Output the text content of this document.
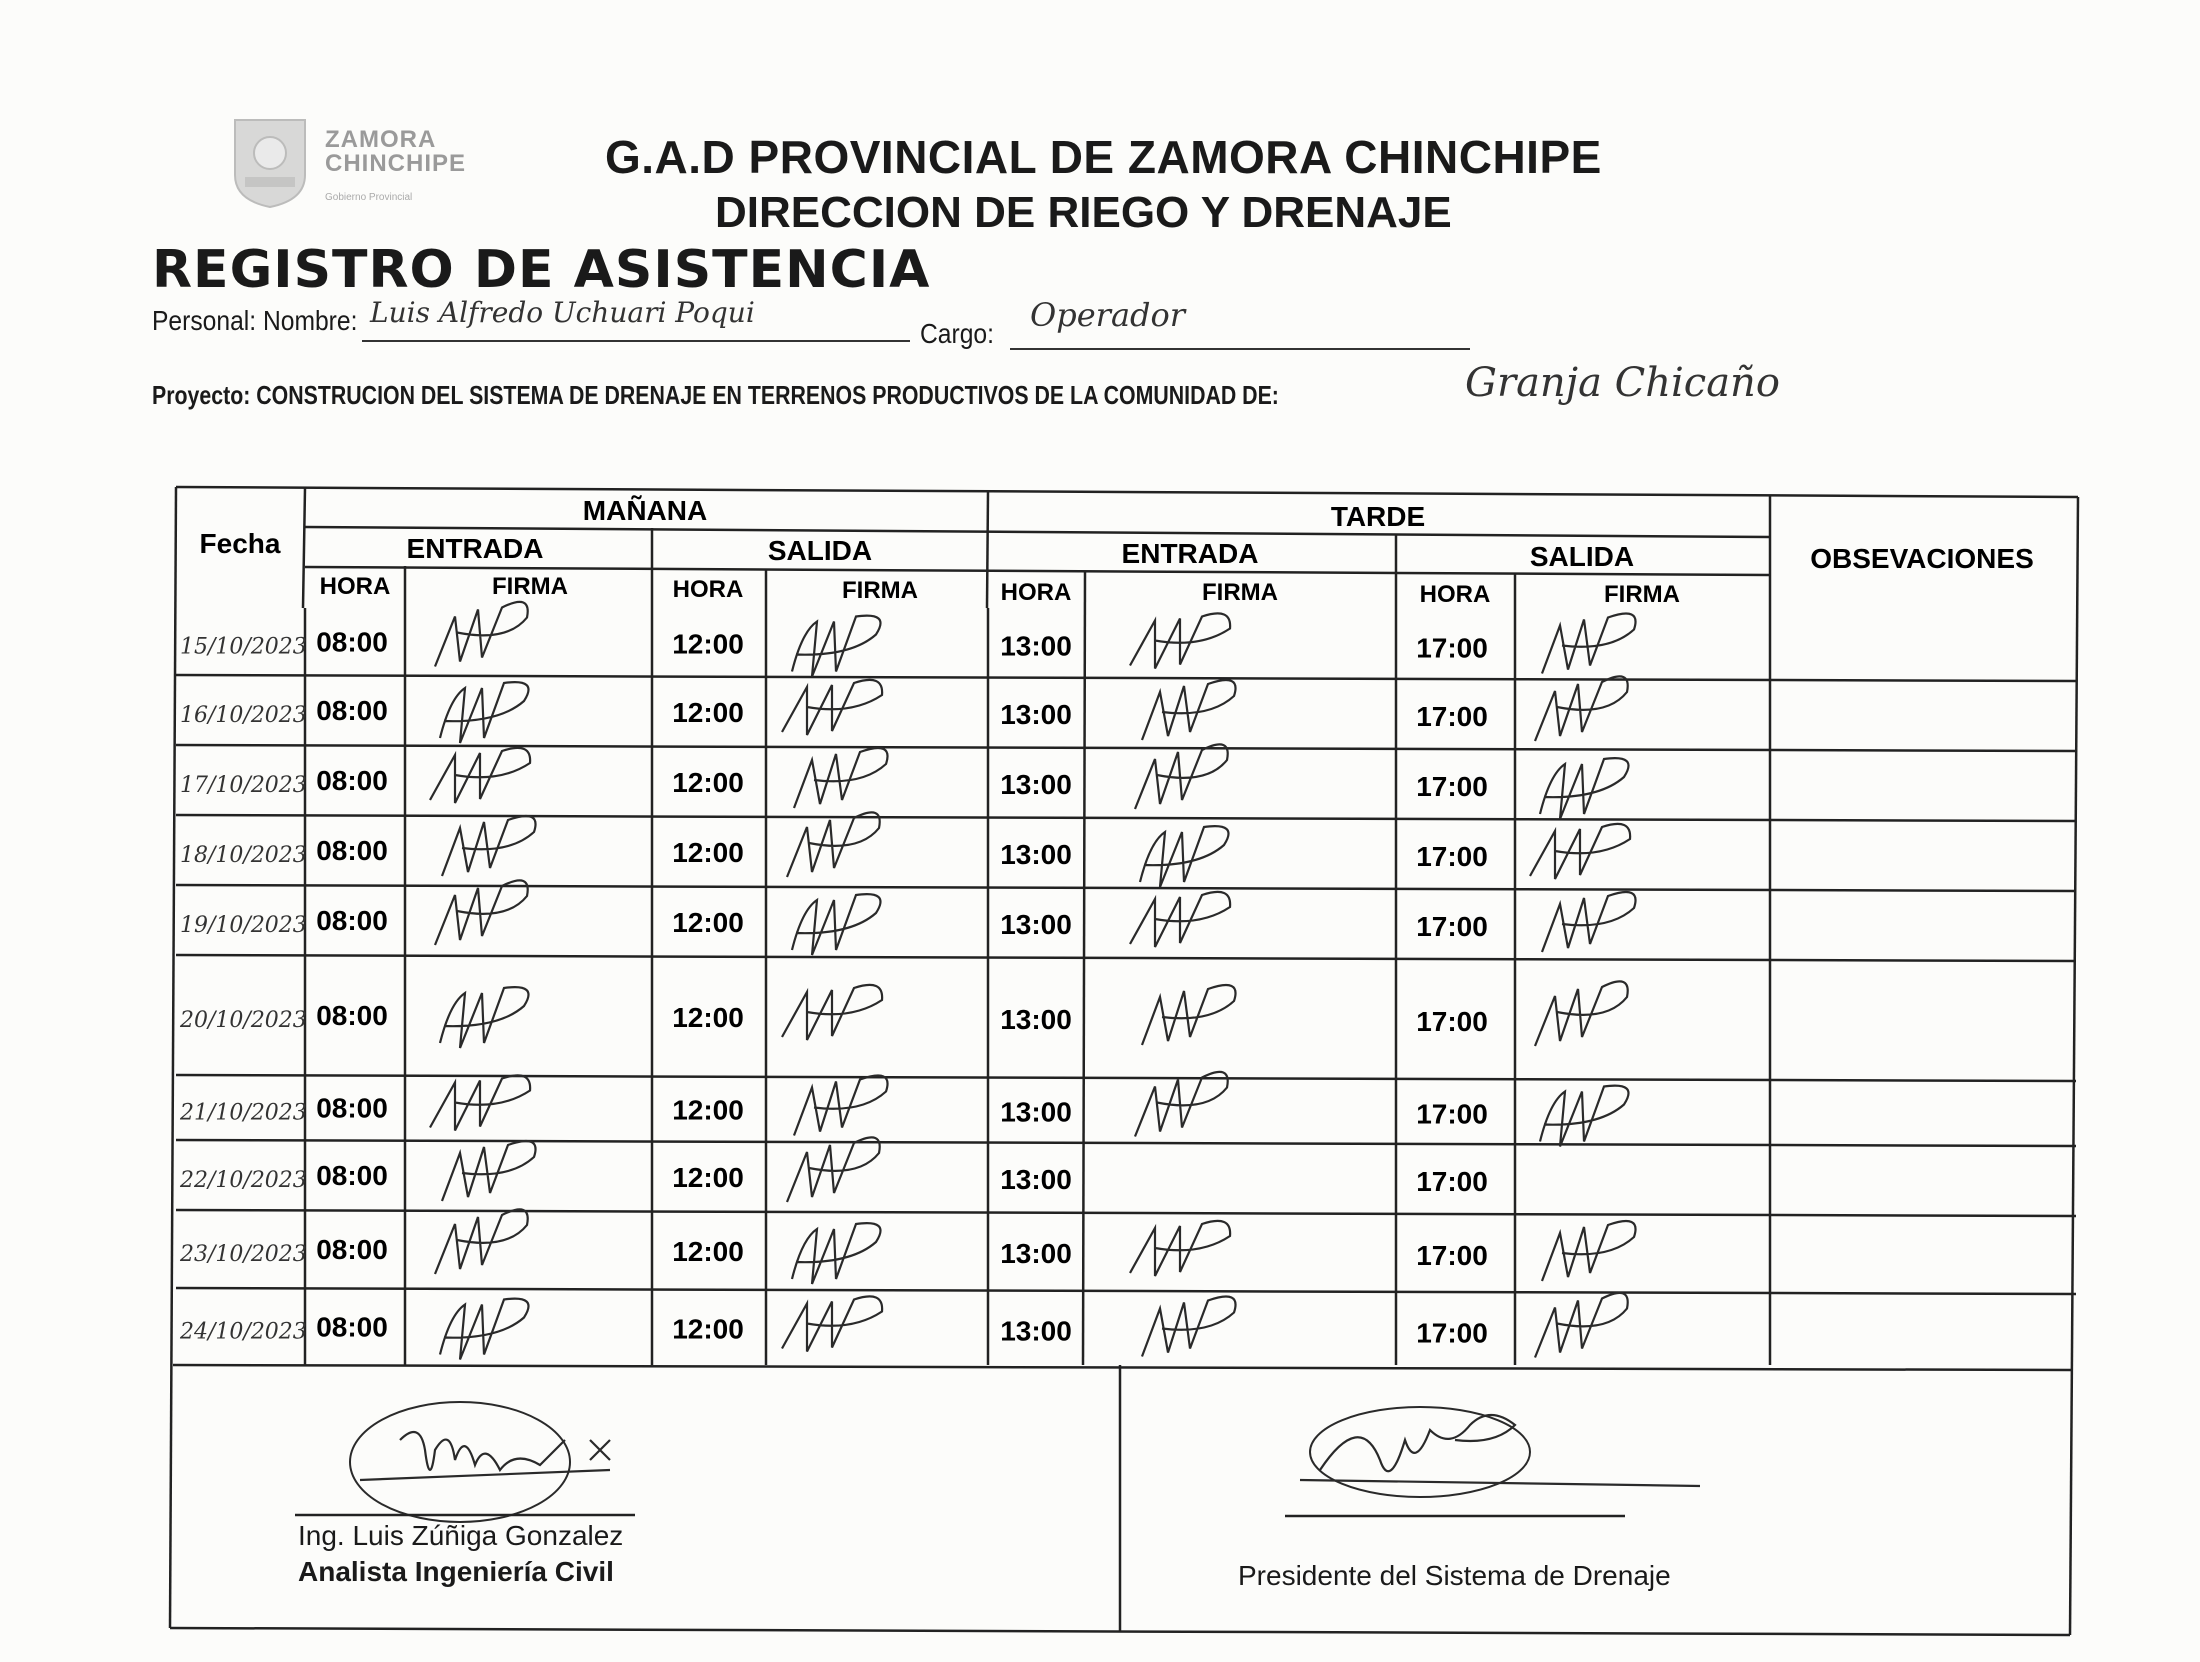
ZAMORA
CHINCHIPE
Gobierno Provincial
G.A.D PROVINCIAL DE ZAMORA CHINCHIPE
DIRECCION DE RIEGO Y DRENAJE
REGISTRO DE ASISTENCIA
Personal: Nombre: Luis Alfredo Uchuari Poqui
Cargo: Operador
Proyecto: CONSTRUCION DEL SISTEMA DE DRENAJE EN TERRENOS PRODUCTIVOS DE LA COMUNIDAD DE:	Granja Chicaño
Fecha
MAÑANA	TARDE
ENTRADA	SALIDA	ENTRADA	SALIDA	OBSEVACIONES
HORA	FIRMA	HORA	FIRMA	HORA	FIRMA	HORA	FIRMA
15/10/2023 08:00	12:00	13:00	17:00
16/10/2023 08:00	12:00	13:00	17:00
17/10/2023 08:00	12:00	13:00	17:00
18/10/2023 08:00	12:00	13:00	17:00
19/10/2023 08:00	12:00	13:00	17:00
20/10/2023 08:00	12:00	13:00	17:00
21/10/2023 08:00	12:00	13:00	17:00
22/10/2023 08:00	12:00	13:00	17:00
23/10/2023 08:00	12:00	13:00	17:00
24/10/2023 08:00	12:00	13:00	17:00
Ing. Luis Zúñiga Gonzalez
Analista Ingeniería Civil	Presidente del Sistema de Drenaje
